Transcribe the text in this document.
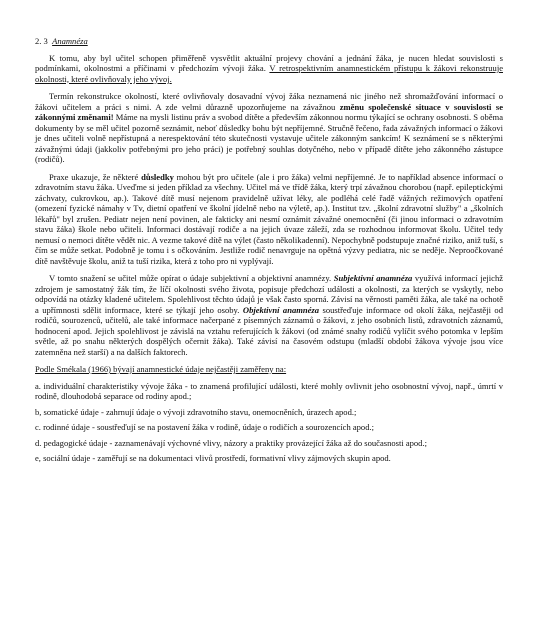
2. 3 Anamnéza

K tomu, aby byl učitel schopen přiměřeně vysvětlit aktuální projevy chování a jednání žáka, je nucen hledat souvislosti s podmínkami, okolnostmi a příčinami v předchozím vývoji žáka. V retrospektivním anamnestickém přístupu k žákovi rekonstruuje okolnosti, které ovlivňovaly jeho vývoj.

Termín rekonstrukce okolností, které ovlivňovaly dosavadní vývoj žáka neznamená nic jiného než shromažďování informací o žákovi učitelem a práci s nimi. A zde velmi důrazně upozorňujeme na závažnou změnu společenské situace v souvislosti se zákonnými změnami! Máme na mysli listinu práv a svobod dítěte a především zákonnou normu týkající se ochrany osobnosti. S oběma dokumenty by se měl učitel pozorně seznámit, neboť důsledky bohu být nepříjemné. Stručně řečeno, řada závažných informací o žákovi je dnes učiteli volně nepřístupná a nerespektování této skutečnosti vystavuje učitele zákonným sankcím! K seznámení se s některými závažnými údaji (jakkoliv potřebnými pro jeho práci) je potřebný souhlas dotyčného, nebo v případě dítěte jeho zákonného zástupce (rodičů).

Praxe ukazuje, že některé důsledky mohou být pro učitele (ale i pro žáka) velmi nepříjemné. Je to například absence informací o zdravotním stavu žáka. Uveďme si jeden příklad za všechny. Učitel má ve třídě žáka, který trpí závažnou chorobou (např. epileptickými záchvaty, cukrovkou, ap.). Takové dítě musí nejenom pravidelně užívat léky, ale podléhá celé řadě vážných režimových opatření (omezení fyzické námahy v Tv, dietní opatření ve školní jídelně nebo na výletě, ap.). Institut tzv. „školní zdravotní služby" a „školních lékařů" byl zrušen. Pediatr nejen není povinen, ale fakticky ani nesmí oznámit závažné onemocnění (či jinou informaci o zdravotním stavu žáka) škole nebo učiteli. Informaci dostávají rodiče a na jejich úvaze záleží, zda se rozhodnou informovat školu. Učitel tedy nemusí o nemoci dítěte vědět nic. A vezme takové dítě na výlet (často několikadenní). Nepochybně podstupuje značné riziko, aniž tuší, s čím se může setkat. Podobně je tomu i s očkováním. Jestliže rodič nenavrguje na opětná výzvy pediatra, nic se neděje. Neproočkované dítě navštěvuje školu, aniž ta tuší rizika, která z toho pro ni vyplývají.

V tomto snažení se učitel může opírat o údaje subjektivní a objektivní anamnézy. Subjektivní anamnéza využívá informací jejichž zdrojem je samostatný žák tím, že líčí okolnosti svého života, popisuje předchozí události a okolnosti, za kterých se vyskytly, nebo odpovídá na otázky kladené učitelem. Spolehlivost těchto údajů je však často sporná. Závisí na věrnosti paměti žáka, ale také na ochotě a upřímnosti sdělit informace, které se týkají jeho osoby. Objektivní anamnéza soustřeďuje informace od okolí žáka, nejčastěji od rodičů, sourozenců, učitelů, ale také informace načerpané z písemných záznamů o žákovi, z jeho osobních listů, zdravotních záznamů, hodnocení apod. Jejich spolehlivost je závislá na vztahu referujících k žákovi (od známé snahy rodičů vylíčit svého potomka v lepším světle, až po snahu některých dospělých očernit žáka). Také závisí na časovém odstupu (mladší období žákova vývoje jsou více zatemněna než starší) a na dalších faktorech.

Podle Smékala (1966) bývají anamnestické údaje nejčastěji zaměřeny na:

a. individuální charakteristiky vývoje žáka - to znamená profilující události, které mohly ovlivnit jeho osobnostní vývoj, např., úmrtí v rodině, dlouhodobá separace od rodiny apod.;

b, somatické údaje - zahrnují údaje o vývoji zdravotního stavu, onemocněních, úrazech apod.;

c. rodinné údaje - soustřeďují se na postavení žáka v rodině, údaje o rodičích a sourozencích apod.;

d. pedagogické údaje - zaznamenávají výchovné vlivy, názory a praktiky provázející žáka až do současnosti apod.;

e, sociální údaje - zaměřují se na dokumentaci vlivů prostředí, formativní vlivy zájmových skupin apod.
